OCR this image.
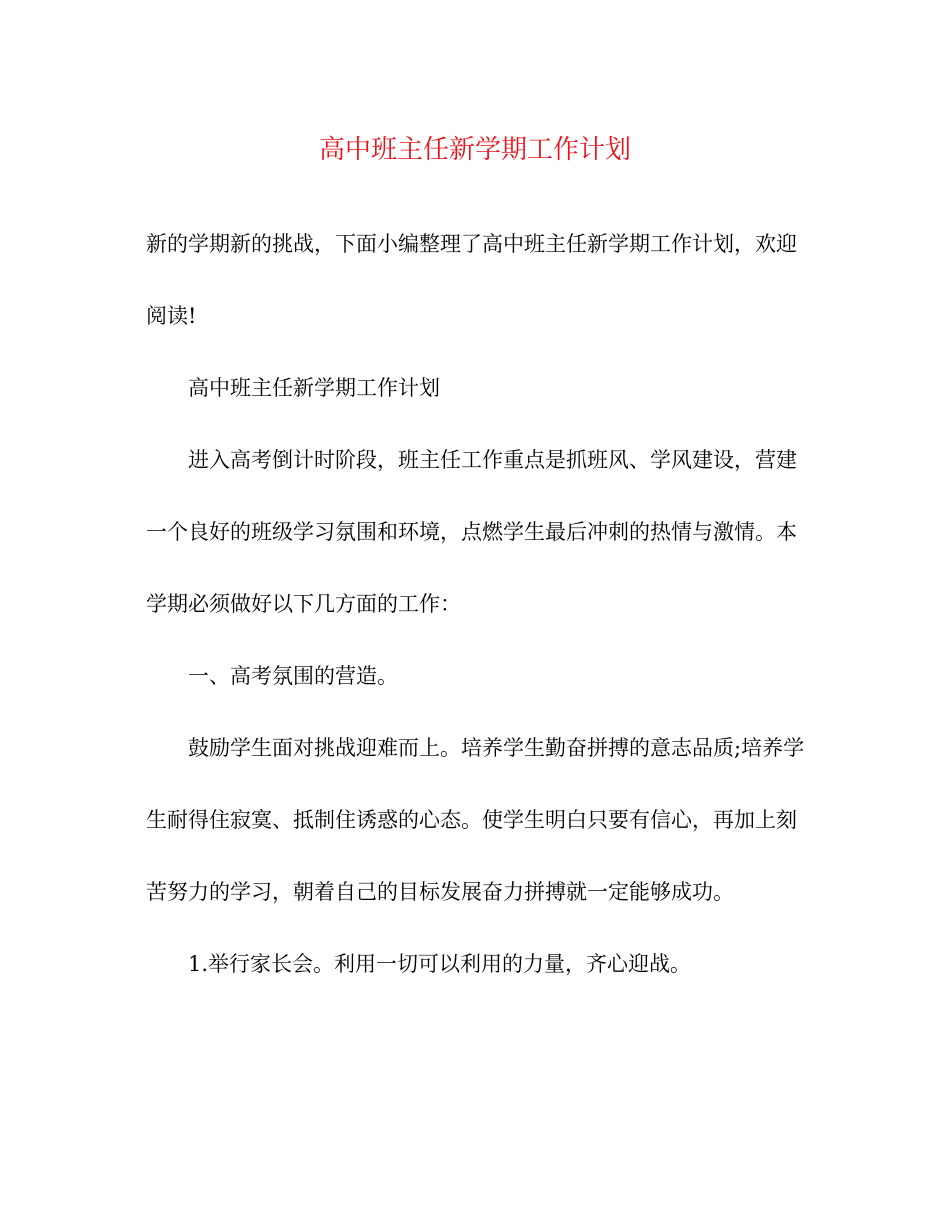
高中班主任新学期工作计划

新的学期新的挑战，下面小编整理了高中班主任新学期工作计划，欢迎阅读!

高中班主任新学期工作计划

进入高考倒计时阶段，班主任工作重点是抓班风、学风建设，营建一个良好的班级学习氛围和环境，点燃学生最后冲刺的热情与激情。本学期必须做好以下几方面的工作：

一、高考氛围的营造。

鼓励学生面对挑战迎难而上。培养学生勤奋拼搏的意志品质;培养学生耐得住寂寞、抵制住诱惑的心态。使学生明白只要有信心，再加上刻苦努力的学习，朝着自己的目标发展奋力拼搏就一定能够成功。

1.举行家长会。利用一切可以利用的力量，齐心迎战。
